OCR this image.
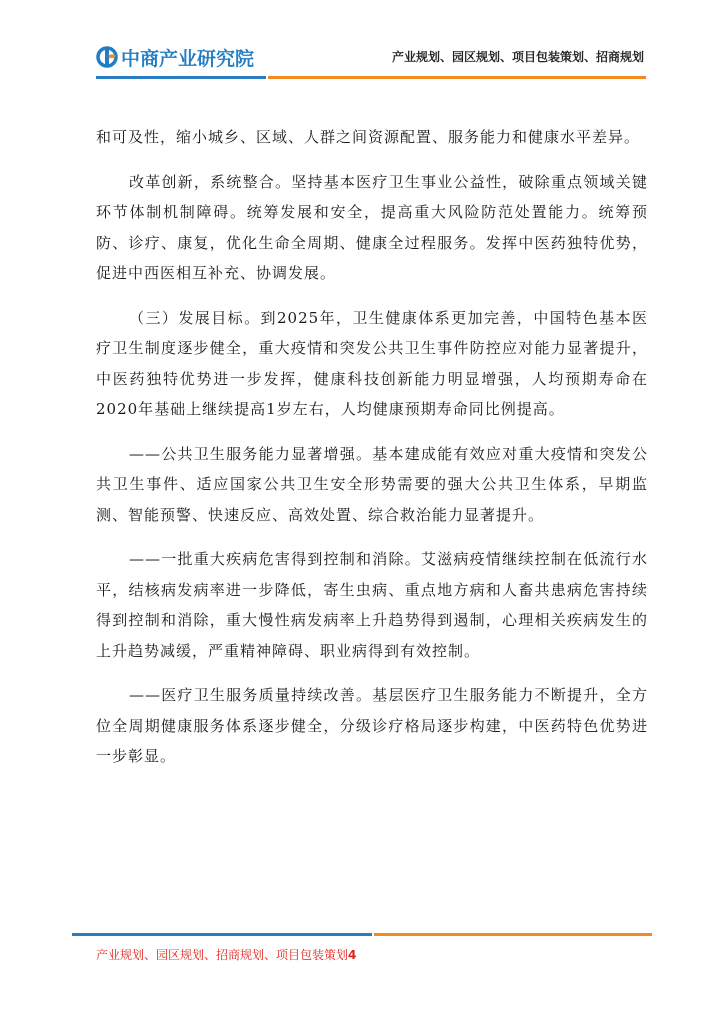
中商产业研究院	产业规划、园区规划、项目包装策划、招商规划

和可及性，缩小城乡、区域、人群之间资源配置、服务能力和健康水平差异。

改革创新，系统整合。坚持基本医疗卫生事业公益性，破除重点领域关键环节体制机制障碍。统筹发展和安全，提高重大风险防范处置能力。统筹预防、诊疗、康复，优化生命全周期、健康全过程服务。发挥中医药独特优势，促进中西医相互补充、协调发展。

（三）发展目标。到2025年，卫生健康体系更加完善，中国特色基本医疗卫生制度逐步健全，重大疫情和突发公共卫生事件防控应对能力显著提升，中医药独特优势进一步发挥，健康科技创新能力明显增强，人均预期寿命在2020年基础上继续提高1岁左右，人均健康预期寿命同比例提高。

——公共卫生服务能力显著增强。基本建成能有效应对重大疫情和突发公共卫生事件、适应国家公共卫生安全形势需要的强大公共卫生体系，早期监测、智能预警、快速反应、高效处置、综合救治能力显著提升。

——一批重大疾病危害得到控制和消除。艾滋病疫情继续控制在低流行水平，结核病发病率进一步降低，寄生虫病、重点地方病和人畜共患病危害持续得到控制和消除，重大慢性病发病率上升趋势得到遏制，心理相关疾病发生的上升趋势减缓，严重精神障碍、职业病得到有效控制。

——医疗卫生服务质量持续改善。基层医疗卫生服务能力不断提升，全方位全周期健康服务体系逐步健全，分级诊疗格局逐步构建，中医药特色优势进一步彰显。

产业规划、园区规划、招商规划、项目包装策划4
